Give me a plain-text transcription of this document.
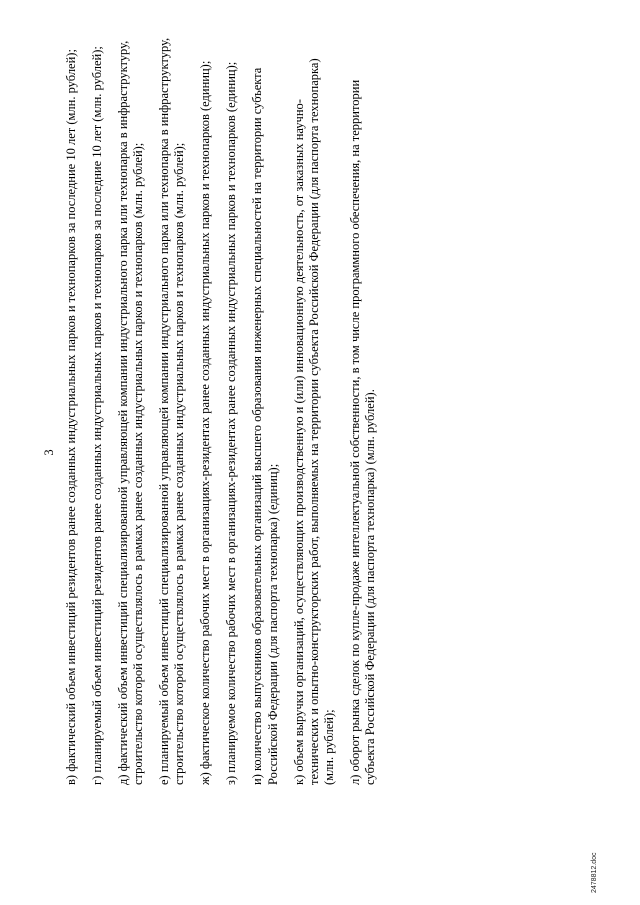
3 в) фактический объем инвестиций резидентов ранее созданных индустриальных парков и технопарков за последние 10 лет (млн. рублей); г) планируемый объем инвестиций резидентов ранее созданных индустриальных парков и технопарков за последние 10 лет (млн. рублей); д) фактический объем инвестиций специализированной управляющей компании индустриального парка или технопарка в инфраструктуру, строительство которой осуществлялось в рамках ранее созданных индустриальных парков и технопарков (млн. рублей); е) планируемый объем инвестиций специализированной управляющей компании индустриального парка или технопарка в инфраструктуру, строительство которой осуществлялось в рамках ранее созданных индустриальных парков и технопарков (млн. рублей); ж) фактическое количество рабочих мест в организациях-резидентах ранее созданных индустриальных парков и технопарков (единиц); з) планируемое количество рабочих мест в организациях-резидентах ранее созданных индустриальных парков и технопарков (единиц); и) количество выпускников образовательных организаций высшего образования инженерных специальностей на территории субъекта Российской Федерации (для паспорта технопарка) (единиц); к) объем выручки организаций, осуществляющих производственную и (или) инновационную деятельность, от заказных научно-технических и опытно-конструкторских работ, выполняемых на территории субъекта Российской Федерации (для паспорта технопарка) (млн. рублей); л) оборот рынка сделок по купле-продаже интеллектуальной собственности, в том числе программного обеспечения, на территории субъекта Российской Федерации (для паспорта технопарка) (млн. рублей).

2478812.doc
